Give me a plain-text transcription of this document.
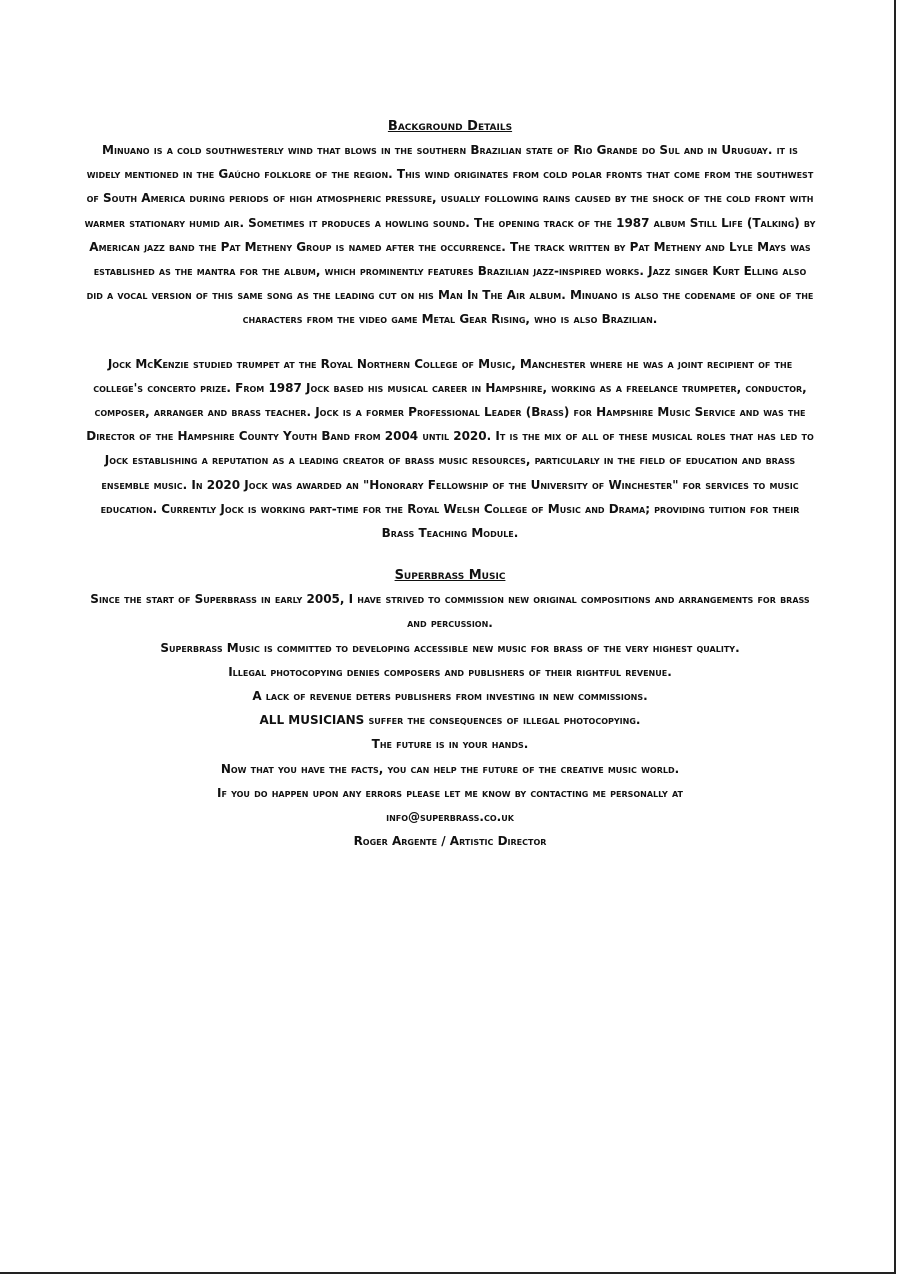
Background Details

Minuano is a cold southwesterly wind that blows in the southern Brazilian state of Rio Grande do Sul and in Uruguay. it is widely mentioned in the Gaúcho folklore of the region. This wind originates from cold polar fronts that come from the southwest of South America during periods of high atmospheric pressure, usually following rains caused by the shock of the cold front with warmer stationary humid air. Sometimes it produces a howling sound. The opening track of the 1987 album Still Life (Talking) by American jazz band the Pat Metheny Group is named after the occurrence. The track written by Pat Metheny and Lyle Mays was established as the mantra for the album, which prominently features Brazilian jazz-inspired works. Jazz singer Kurt Elling also did a vocal version of this same song as the leading cut on his Man In The Air album. Minuano is also the codename of one of the characters from the video game Metal Gear Rising, who is also Brazilian.

Jock McKenzie studied trumpet at the Royal Northern College of Music, Manchester where he was a joint recipient of the college's concerto prize. From 1987 Jock based his musical career in Hampshire, working as a freelance trumpeter, conductor, composer, arranger and brass teacher. Jock is a former Professional Leader (Brass) for Hampshire Music Service and was the Director of the Hampshire County Youth Band from 2004 until 2020. It is the mix of all of these musical roles that has led to Jock establishing a reputation as a leading creator of brass music resources, particularly in the field of education and brass ensemble music. In 2020 Jock was awarded an "Honorary Fellowship of the University of Winchester" for services to music education. Currently Jock is working part-time for the Royal Welsh College of Music and Drama; providing tuition for their Brass Teaching Module.

Superbrass Music

Since the start of Superbrass in early 2005, I have strived to commission new original compositions and arrangements for brass and percussion.

Superbrass Music is committed to developing accessible new music for brass of the very highest quality.

Illegal photocopying denies composers and publishers of their rightful revenue.

A lack of revenue deters publishers from investing in new commissions.

ALL MUSICIANS suffer the consequences of illegal photocopying.

The future is in your hands.

Now that you have the facts, you can help the future of the creative music world.

If you do happen upon any errors please let me know by contacting me personally at

info@superbrass.co.uk

Roger Argente / Artistic Director
